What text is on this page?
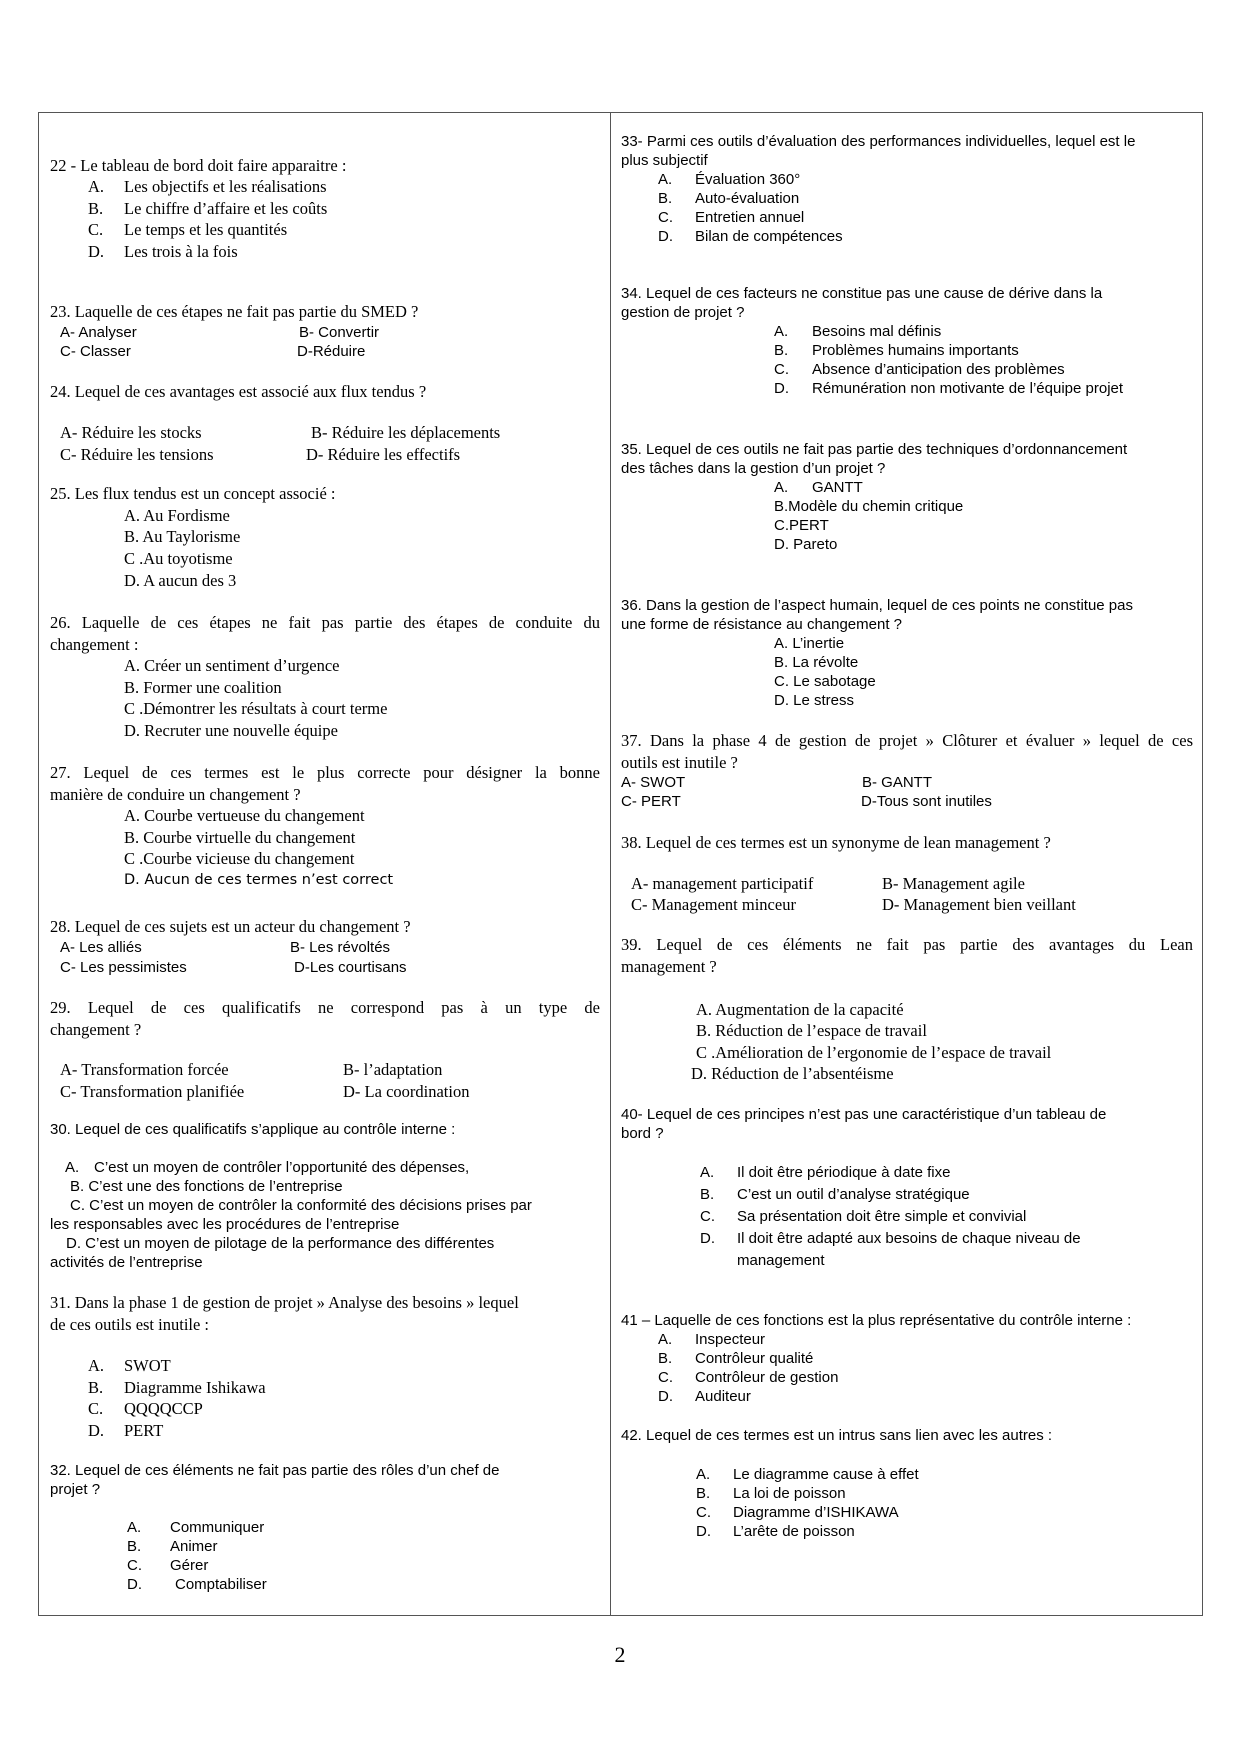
22 - Le tableau de bord doit faire apparaitre :
A. Les objectifs et les réalisations
B. Le chiffre d’affaire et les coûts
C. Le temps et les quantités
D. Les trois à la fois
23. Laquelle de ces étapes ne fait pas partie du SMED ?
A- Analyser	B- Convertir
C- Classer	D-Réduire
24. Lequel de ces avantages est associé aux flux tendus ?
A- Réduire les stocks	B- Réduire les déplacements
C- Réduire les tensions	D- Réduire les effectifs
25. Les flux tendus est un concept associé :
A. Au Fordisme
B. Au Taylorisme
C .Au toyotisme
D. A aucun des 3
26. Laquelle de ces étapes ne fait pas partie des étapes de conduite du
changement :
A. Créer un sentiment d’urgence
B. Former une coalition
C .Démontrer les résultats à court terme
D. Recruter une nouvelle équipe
27. Lequel de ces termes est le plus correcte pour désigner la bonne
manière de conduire un changement ?
A. Courbe vertueuse du changement
B. Courbe virtuelle du changement
C .Courbe vicieuse du changement
D. Aucun de ces termes n’est correct
28. Lequel de ces sujets est un acteur du changement ?
A- Les alliés	B- Les révoltés
C- Les pessimistes	D-Les courtisans
29. Lequel de ces qualificatifs ne correspond pas à un type de
changement ?
A- Transformation forcée	B- l’adaptation
C- Transformation planifiée	D- La coordination
30. Lequel de ces qualificatifs s’applique au contrôle interne :
A. C’est un moyen de contrôler l’opportunité des dépenses,
B. C’est une des fonctions de l’entreprise
C. C’est un moyen de contrôler la conformité des décisions prises par
les responsables avec les procédures de l’entreprise
D. C’est un moyen de pilotage de la performance des différentes
activités de l’entreprise
31. Dans la phase 1 de gestion de projet » Analyse des besoins » lequel
de ces outils est inutile :
A. SWOT
B. Diagramme Ishikawa
C. QQQQCCP
D. PERT
32. Lequel de ces éléments ne fait pas partie des rôles d’un chef de
projet ?
A. Communiquer
B. Animer
C. Gérer
D. Comptabiliser
33- Parmi ces outils d’évaluation des performances individuelles, lequel est le
plus subjectif
A. Évaluation 360°
B. Auto-évaluation
C. Entretien annuel
D. Bilan de compétences
34. Lequel de ces facteurs ne constitue pas une cause de dérive dans la
gestion de projet ?
A. Besoins mal définis
B. Problèmes humains importants
C. Absence d’anticipation des problèmes
D. Rémunération non motivante de l’équipe projet
35. Lequel de ces outils ne fait pas partie des techniques d’ordonnancement
des tâches dans la gestion d’un projet ?
A. GANTT
B.Modèle du chemin critique
C.PERT
D. Pareto
36. Dans la gestion de l’aspect humain, lequel de ces points ne constitue pas
une forme de résistance au changement ?
A. L’inertie
B. La révolte
C. Le sabotage
D. Le stress
37. Dans la phase 4 de gestion de projet » Clôturer et évaluer » lequel de ces
outils est inutile ?
A- SWOT	B- GANTT
C- PERT	D-Tous sont inutiles
38. Lequel de ces termes est un synonyme de lean management ?
A- management participatif	B- Management agile
C- Management minceur	D- Management bien veillant
39. Lequel de ces éléments ne fait pas partie des avantages du Lean
management ?
A. Augmentation de la capacité
B. Réduction de l’espace de travail
C .Amélioration de l’ergonomie de l’espace de travail
D. Réduction de l’absentéisme
40- Lequel de ces principes n’est pas une caractéristique d’un tableau de
bord ?
A. Il doit être périodique à date fixe
B. C’est un outil d’analyse stratégique
C. Sa présentation doit être simple et convivial
D. Il doit être adapté aux besoins de chaque niveau de
management
41 – Laquelle de ces fonctions est la plus représentative du contrôle interne :
A. Inspecteur
B. Contrôleur qualité
C. Contrôleur de gestion
D. Auditeur
42. Lequel de ces termes est un intrus sans lien avec les autres :
A. Le diagramme cause à effet
B. La loi de poisson
C. Diagramme d’ISHIKAWA
D. L’arête de poisson
2
